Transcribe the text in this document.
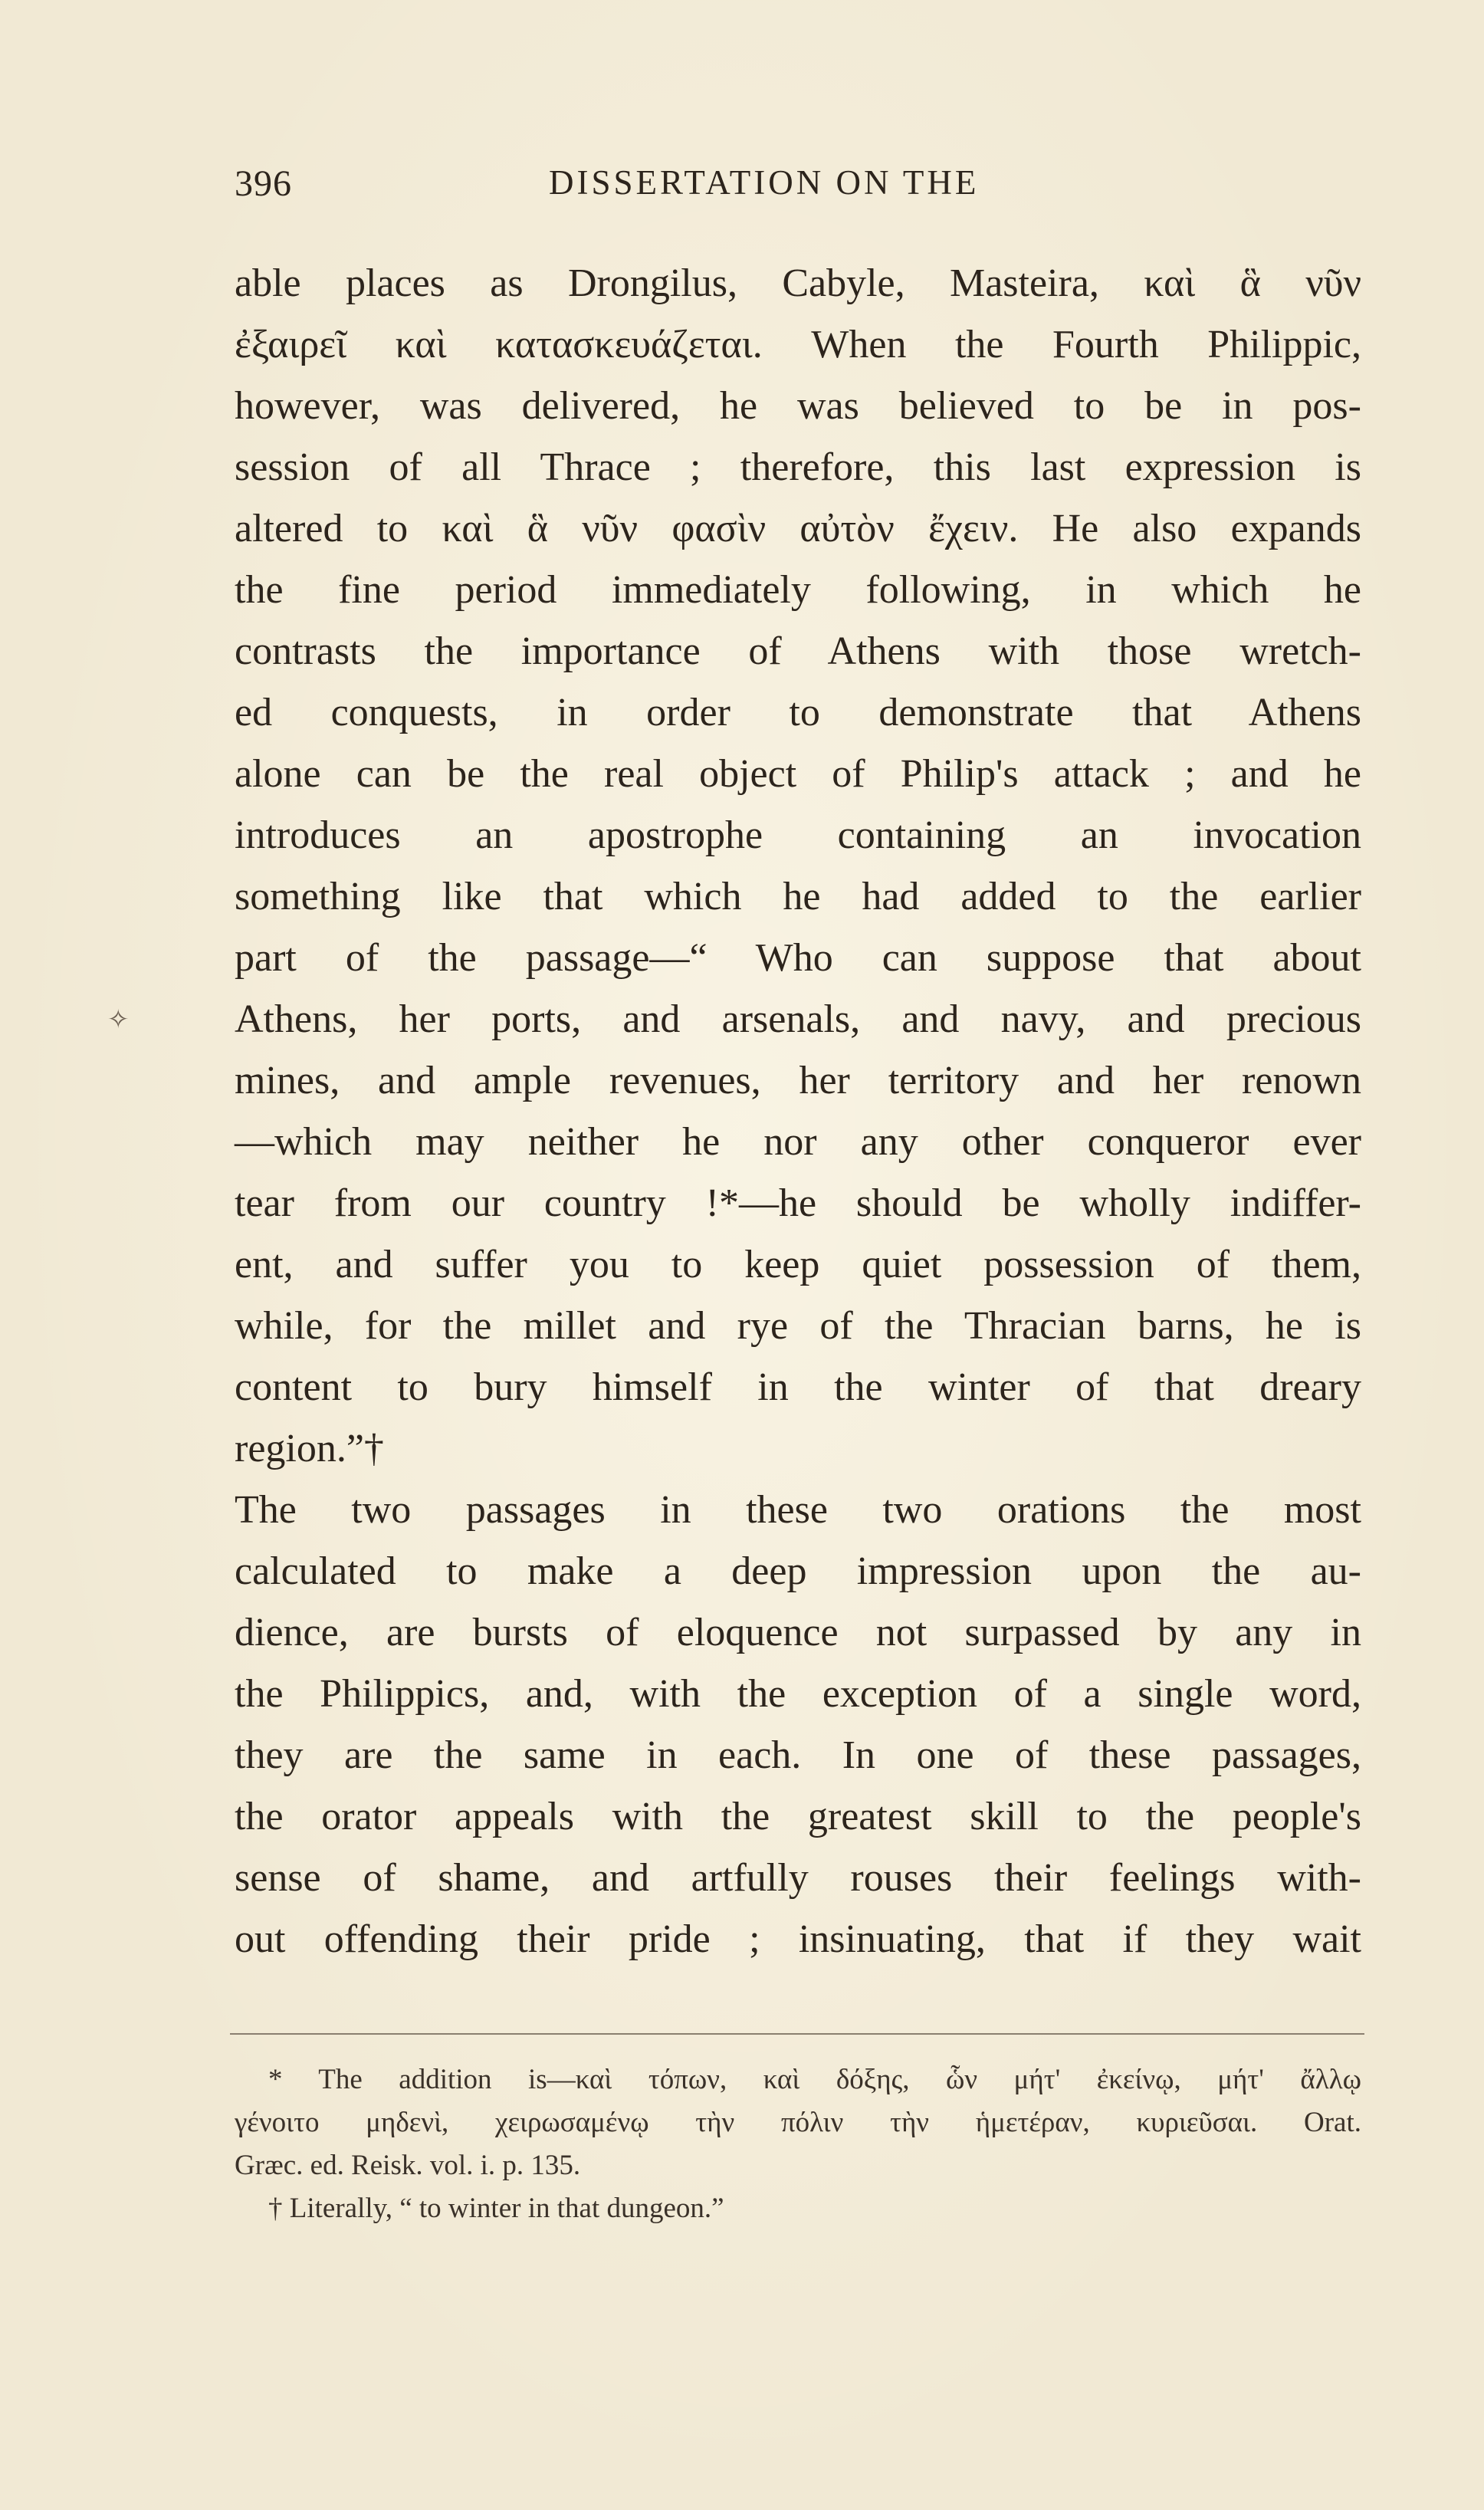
396	DISSERTATION ON THE
✧
able places as Drongilus, Cabyle, Masteira, καὶ ἃ νῦν
ἐξαιρεῖ καὶ κατασκευάζεται. When the Fourth Philippic,
however, was delivered, he was believed to be in pos-
session of all Thrace ; therefore, this last expression is
altered to καὶ ἃ νῦν φασὶν αὐτὸν ἔχειν. He also expands
the fine period immediately following, in which he
contrasts the importance of Athens with those wretch-
ed conquests, in order to demonstrate that Athens
alone can be the real object of Philip's attack ; and he
introduces an apostrophe containing an invocation
something like that which he had added to the earlier
part of the passage—“ Who can suppose that about
Athens, her ports, and arsenals, and navy, and precious
mines, and ample revenues, her territory and her renown
—which may neither he nor any other conqueror ever
tear from our country !*—he should be wholly indiffer-
ent, and suffer you to keep quiet possession of them,
while, for the millet and rye of the Thracian barns, he is
content to bury himself in the winter of that dreary
region.”†
The two passages in these two orations the most
calculated to make a deep impression upon the au-
dience, are bursts of eloquence not surpassed by any in
the Philippics, and, with the exception of a single word,
they are the same in each. In one of these passages,
the orator appeals with the greatest skill to the people's
sense of shame, and artfully rouses their feelings with-
out offending their pride ; insinuating, that if they wait
* The addition is—καὶ τόπων, καὶ δόξης, ὧν μήτ' ἐκείνῳ, μήτ' ἄλλῳ
γένοιτο μηδενὶ, χειρωσαμένῳ τὴν πόλιν τὴν ἡμετέραν, κυριεῦσαι. Orat.
Græc. ed. Reisk. vol. i. p. 135.
† Literally, “ to winter in that dungeon.”
